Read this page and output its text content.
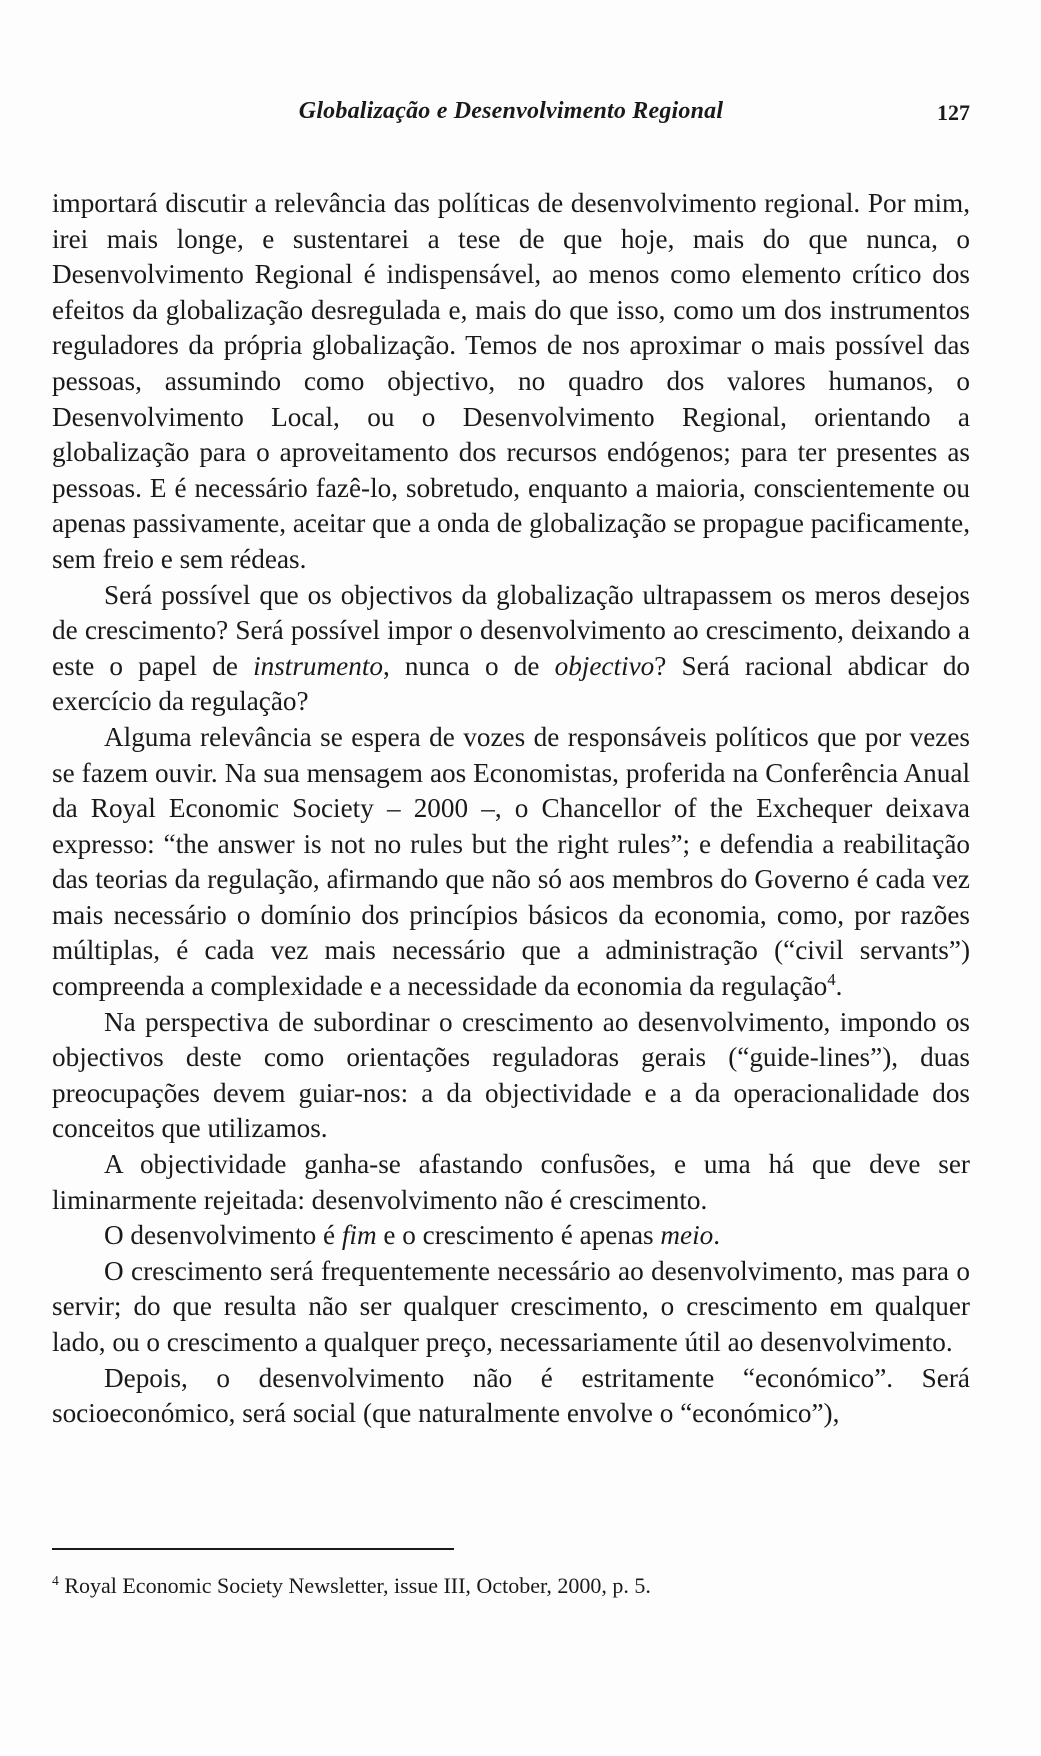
Globalização e Desenvolvimento Regional	127

importará discutir a relevância das políticas de desenvolvimento regional. Por mim, irei mais longe, e sustentarei a tese de que hoje, mais do que nunca, o Desenvolvimento Regional é indispensável, ao menos como elemento crítico dos efeitos da globalização desregulada e, mais do que isso, como um dos instrumentos reguladores da própria globalização. Temos de nos aproximar o mais possível das pessoas, assumindo como objectivo, no quadro dos valores humanos, o Desenvolvimento Local, ou o Desenvolvimento Regional, orientando a globalização para o aproveitamento dos recursos endógenos; para ter presentes as pessoas. E é necessário fazê-lo, sobretudo, enquanto a maioria, conscientemente ou apenas passivamente, aceitar que a onda de globalização se propague pacificamente, sem freio e sem rédeas.

Será possível que os objectivos da globalização ultrapassem os meros desejos de crescimento? Será possível impor o desenvolvimento ao crescimento, deixando a este o papel de instrumento, nunca o de objectivo? Será racional abdicar do exercício da regulação?

Alguma relevância se espera de vozes de responsáveis políticos que por vezes se fazem ouvir. Na sua mensagem aos Economistas, proferida na Conferência Anual da Royal Economic Society – 2000 –, o Chancellor of the Exchequer deixava expresso: “the answer is not no rules but the right rules”; e defendia a reabilitação das teorias da regulação, afirmando que não só aos membros do Governo é cada vez mais necessário o domínio dos princípios básicos da economia, como, por razões múltiplas, é cada vez mais necessário que a administração (“civil servants”) compreenda a complexidade e a necessidade da economia da regulação$^4$.

Na perspectiva de subordinar o crescimento ao desenvolvimento, impondo os objectivos deste como orientações reguladoras gerais (“guide-lines”), duas preocupações devem guiar-nos: a da objectividade e a da operacionalidade dos conceitos que utilizamos.

A objectividade ganha-se afastando confusões, e uma há que deve ser liminarmente rejeitada: desenvolvimento não é crescimento.

O desenvolvimento é fim e o crescimento é apenas meio.

O crescimento será frequentemente necessário ao desenvolvimento, mas para o servir; do que resulta não ser qualquer crescimento, o crescimento em qualquer lado, ou o crescimento a qualquer preço, necessariamente útil ao desenvolvimento.

Depois, o desenvolvimento não é estritamente “económico”. Será socioeconómico, será social (que naturalmente envolve o “económico”),

$^4$ Royal Economic Society Newsletter, issue III, October, 2000, p. 5.
